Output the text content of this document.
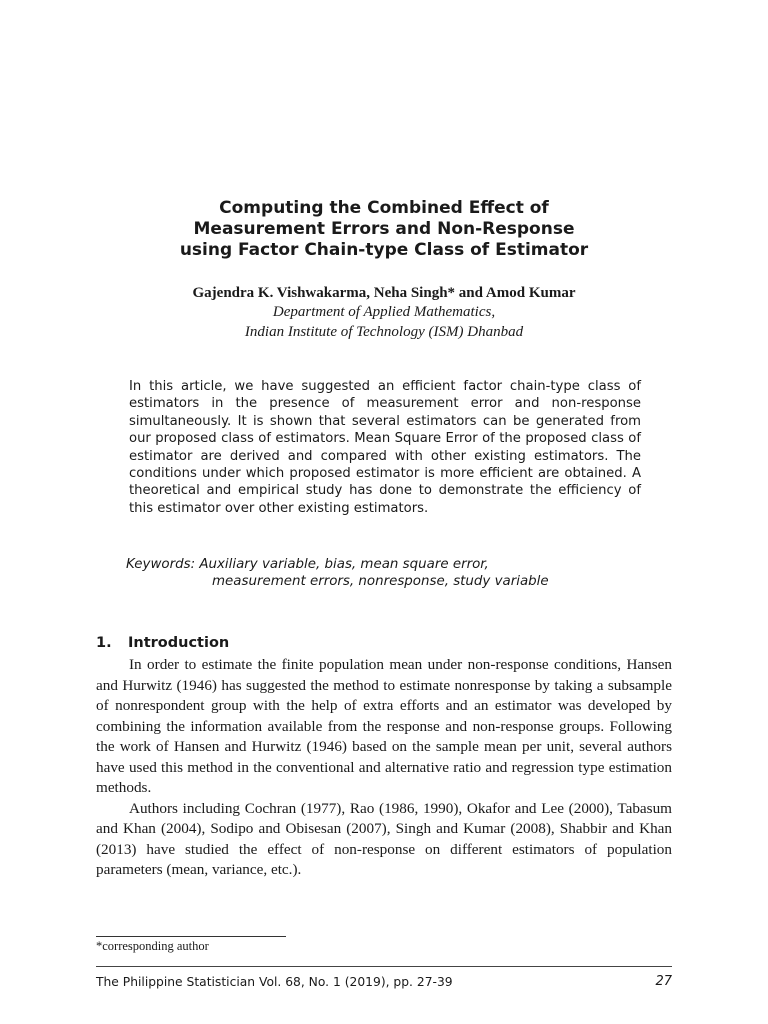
Computing the Combined Effect of
Measurement Errors and Non-Response
using Factor Chain-type Class of Estimator
Gajendra K. Vishwakarma, Neha Singh* and Amod Kumar
Department of Applied Mathematics,
Indian Institute of Technology (ISM) Dhanbad
In this article, we have suggested an efficient factor chain-type class of estimators in the presence of measurement error and non-response simultaneously. It is shown that several estimators can be generated from our proposed class of estimators. Mean Square Error of the proposed class of estimator are derived and compared with other existing estimators. The conditions under which proposed estimator is more efficient are obtained. A theoretical and empirical study has done to demonstrate the efficiency of this estimator over other existing estimators.
Keywords: Auxiliary variable, bias, mean square error,
measurement errors, nonresponse, study variable
1. Introduction

In order to estimate the finite population mean under non-response conditions, Hansen and Hurwitz (1946) has suggested the method to estimate nonresponse by taking a subsample of nonrespondent group with the help of extra efforts and an estimator was developed by combining the information available from the response and non-response groups. Following the work of Hansen and Hurwitz (1946) based on the sample mean per unit, several authors have used this method in the conventional and alternative ratio and regression type estimation methods.

Authors including Cochran (1977), Rao (1986, 1990), Okafor and Lee (2000), Tabasum and Khan (2004), Sodipo and Obisesan (2007), Singh and Kumar (2008), Shabbir and Khan (2013) have studied the effect of non-response on different estimators of population parameters (mean, variance, etc.).

*corresponding author
The Philippine Statistician Vol. 68, No. 1 (2019), pp. 27-39	27
